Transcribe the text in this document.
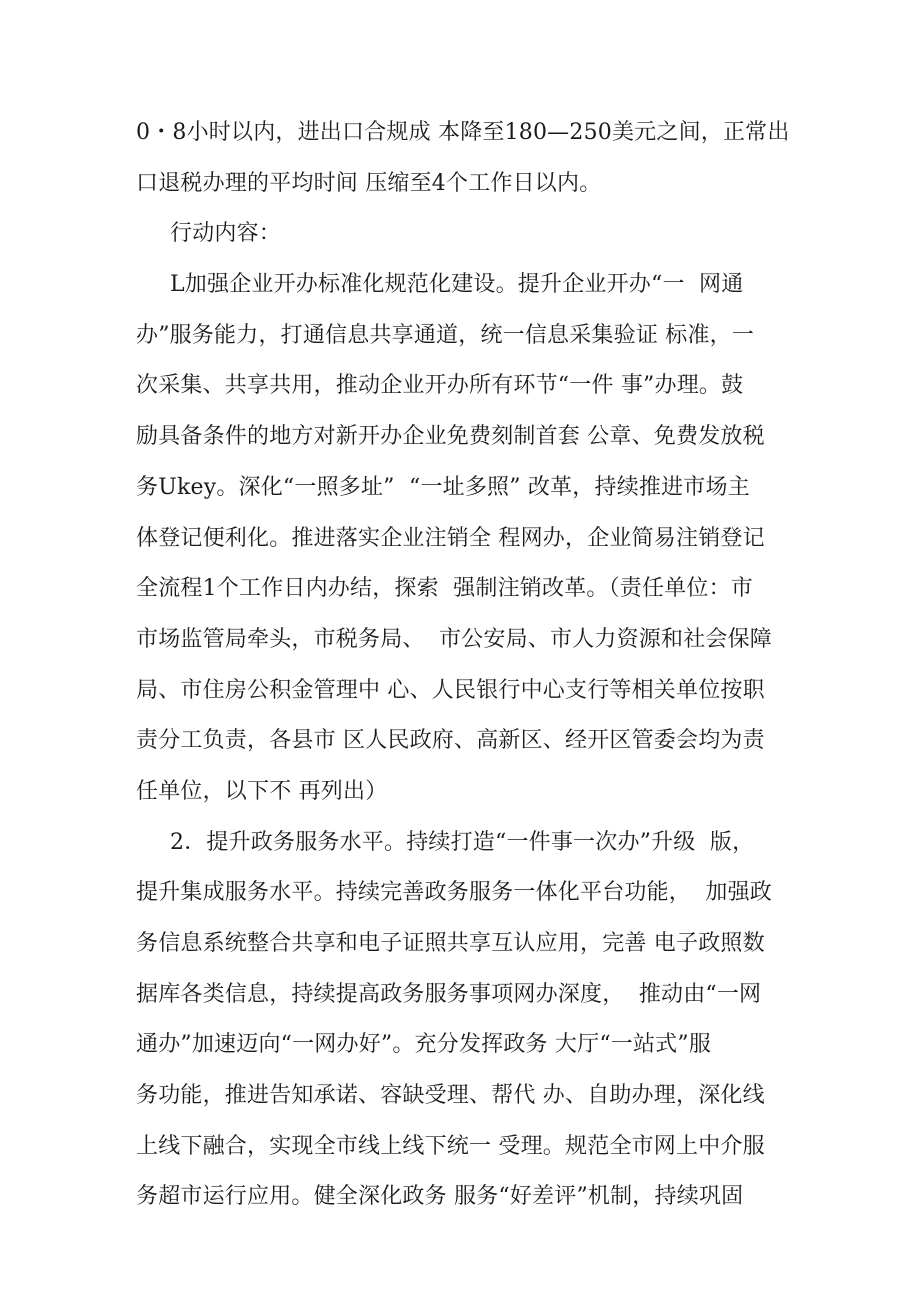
0・8小时以内，进出口合规成 本降至180—250美元之间，正常出
口退税办理的平均时间 压缩至4个工作日以内。
行动内容：
L加强企业开办标准化规范化建设。提升企业开办“一  网通
办”服务能力，打通信息共享通道，统一信息采集验证 标准，一
次采集、共享共用，推动企业开办所有环节“一件 事”办理。鼓
励具备条件的地方对新开办企业免费刻制首套 公章、免费发放税
务Ukey。深化“一照多址”  “一址多照” 改革，持续推进市场主
体登记便利化。推进落实企业注销全 程网办，企业简易注销登记
全流程1个工作日内办结，探索  强制注销改革。（责任单位：市
市场监管局牵头，市税务局、  市公安局、市人力资源和社会保障
局、市住房公积金管理中 心、人民银行中心支行等相关单位按职
责分工负责，各县市 区人民政府、高新区、经开区管委会均为责
任单位，以下不 再列出）
2．提升政务服务水平。持续打造“一件事一次办”升级  版，
提升集成服务水平。持续完善政务服务一体化平台功能，  加强政
务信息系统整合共享和电子证照共享互认应用，完善 电子政照数
据库各类信息，持续提高政务服务事项网办深度，  推动由“一网
通办”加速迈向“一网办好”。充分发挥政务 大厅“一站式”服
务功能，推进告知承诺、容缺受理、帮代 办、自助办理，深化线
上线下融合，实现全市线上线下统一 受理。规范全市网上中介服
务超市运行应用。健全深化政务 服务“好差评”机制，持续巩固
